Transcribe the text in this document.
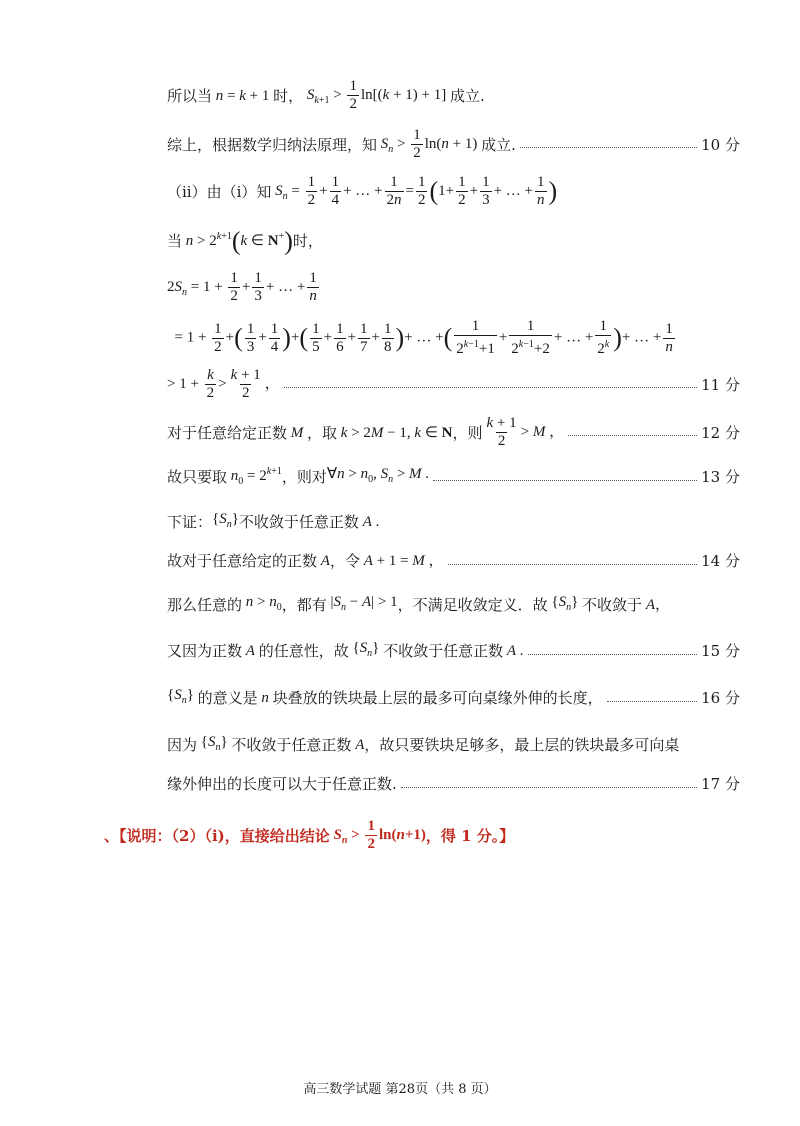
所以当 n = k + 1 时， $S_{k+1} > \frac{1}{2} \ln[(k + 1) + 1]$ 成立.
综上，根据数学归纳法原理，知 $S_n > \frac{1}{2} \ln(n + 1)$ 成立.	10 分
（ii）由（i）知 $S_n = \frac{1}{2} + \frac{1}{4}$ + … + $\frac{1}{2n} = \frac{1}{2} (1+ \frac{1}{2} + \frac{1}{3}$ + … + $\frac{1}{n}$ )
当 $n > 2^{k+1}(k$ ∈ N+) 时，
$2S_n = 1 + \frac{1}{2} + \frac{1}{3}$ + … + $\frac{1}{n}$
= $1 + \frac{1}{2}$ +( $\frac{1}{3} + \frac{1}{4}$ )+( $\frac{1}{5} + \frac{1}{6} + \frac{1}{7} + \frac{1}{8}$ )+ … +( $\frac{1}{2^{k-1}+1} + \frac{1}{2^{k-1}+2}$ + … + $\frac{1}{2^k}$ )+ … + $\frac{1}{n}$
> $1 + \frac{k}{2} > \frac{k + 1}{2}$ ，	11 分
对于任意给定正数 M ，取 k > 2M − 1, k ∈ N ，则 $\frac{k + 1}{2} > M$ ，	12 分
故只要取 $n_0 = 2^{k+1}$ ，则对 ∀n > $n_0$, $S_n > M$ .	13 分
下证： $\{S_n\}$ 不收敛于任意正数 A .
故对于任意给定的正数 A ，令 A + 1 = M ，	14 分
那么任意的 $n > n_0$ ，都有 $|S_n - A| > 1$ ，不满足收敛定义．故 $\{S_n\}$ 不收敛于 A，
又因为正数 A 的任意性，故 $\{S_n\}$ 不收敛于任意正数 A .	15 分
$\{S_n\}$ 的意义是 n 块叠放的铁块最上层的最多可向桌缘外伸的长度，	16 分
因为 $\{S_n\}$ 不收敛于任意正数 A ，故只要铁块足够多，最上层的铁块最多可向桌
缘外伸出的长度可以大于任意正数.	17 分
、【说明：（2）（i)，直接给出结论 $S_n > \frac{1}{2} \ln(n+1)$ ，得 1 分。】
高三数学试题 第28页（共 8 页）
